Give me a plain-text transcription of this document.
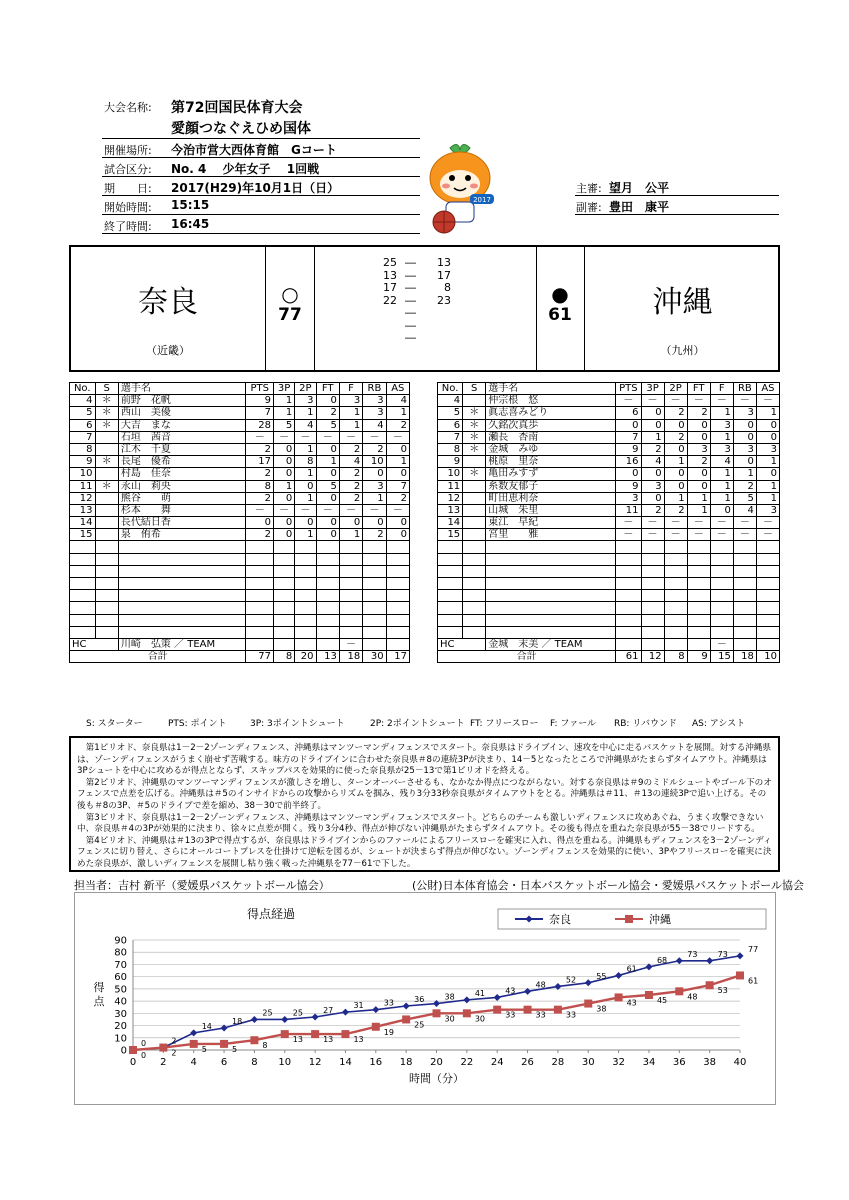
大会名称: 第72回国民体育大会
愛顔つなぐえひめ国体
開催場所: 今治市営大西体育館　Gコート
試合区分: No. 4　 少年女子　 1回戦
期　　日: 2017(H29)年10月1日（日）
開始時間: 15:15
終了時間: 16:45
主審: 望月　公平
副審: 豊田　康平
2017
奈良
（近畿）
○
77
25 ―	13
13 ―	17
17 ―	8
22 ―	23
―
―
―
●
61	沖縄
（九州）
No.	S	選手名	PTS	3P	2P	FT	F	RB	AS
4	＊	前野　花帆	9	1	3	0	3	3	4
5	＊	西山　美優	7	1	1	2	1	3	1
6	＊	大吉　まな	28	5	4	5	1	4	2
7		石垣　茜音	－	－	－	－	－	－	－
8		江木　千夏	2	0	1	0	2	2	0
9	＊	長尾　優希	17	0	8	1	4	10	1
10		村島　佳奈	2	0	1	0	2	0	0
11	＊	永山　莉央	8	1	0	5	2	3	7
12		熊谷　　萌	2	0	1	0	2	1	2
13		杉本　　舞	－	－	－	－	－	－	－
14		長代結日香	0	0	0	0	0	0	0
15		泉　侑希	2	0	1	0	1	2	0

HC		川崎　弘策 ／ TEAM					－		
合計			77	8	20	13	18	30	17
No.	S	選手名	PTS	3P	2P	FT	F	RB	AS
4		仲宗根　悠	－	－	－	－	－	－	－
5	＊	眞志喜みどり	6	0	2	2	1	3	1
6	＊	久銘次真歩	0	0	0	0	3	0	0
7	＊	瀬長　杏南	7	1	2	0	1	0	0
8	＊	金城　みゆ	9	2	0	3	3	3	3
9		桃原　里奈	16	4	1	2	4	0	1
10	＊	亀田みすず	0	0	0	0	1	1	0
11		糸数友郁子	9	3	0	0	1	2	1
12		町田恵利奈	3	0	1	1	1	5	1
13		山城　朱里	11	2	2	1	0	4	3
14		東江　早紀	－	－	－	－	－	－	－
15		宮里　　雅	－	－	－	－	－	－	－

HC		金城　末美 ／ TEAM					－		
合計			61	12	8	9	15	18	10
S: スターター	PTS: ポイント	3P: 3ポイントシュート	2P: 2ポイントシュート FT: フリースロー F: ファール RB: リバウンド AS: アシスト

第1ピリオド、奈良県は1－2－2ゾーンディフェンス、沖縄県はマンツーマンディフェンスでスタート。奈良県はドライブイン、速攻を中心に走るバスケットを展開。対する沖縄県は、ゾーンディフェンスがうまく崩せず苦戦する。味方のドライブインに合わせた奈良県＃8の連続3Pが決まり、14－5となったところで沖縄県がたまらずタイムアウト。沖縄県は3Pシュートを中心に攻めるが得点とならず、スキップパスを効果的に使った奈良県が25－13で第1ピリオドを終える。

第2ピリオド、沖縄県のマンツーマンディフェンスが激しさを増し、ターンオーバーさせるも、なかなか得点につながらない。対する奈良県は＃9のミドルシュートやゴール下のオフェンスで点差を広げる。沖縄県は＃5のインサイドからの攻撃からリズムを掴み、残り3分33秒奈良県がタイムアウトをとる。沖縄県は＃11、＃13の連続3Pで追い上げる。その後も＃8の3P、＃5のドライブで差を縮め、38－30で前半終了。

第3ピリオド、奈良県は1－2－2ゾーンディフェンス、沖縄県はマンツーマンディフェンスでスタート。どちらのチームも激しいディフェンスに攻めあぐね、うまく攻撃できない中、奈良県＃4の3Pが効果的に決まり、徐々に点差が開く。残り3分4秒、得点が伸びない沖縄県がたまらずタイムアウト。その後も得点を重ねた奈良県が55－38でリードする。

第4ピリオド、沖縄県は＃13の3Pで得点するが、奈良県はドライブインからのファールによるフリースローを確実に入れ、得点を重ねる。沖縄県もディフェンスを3－2ゾーンディフェンスに切り替え、さらにオールコートプレスを仕掛けて逆転を図るが、シュートが決まらず得点が伸びない。ゾーンディフェンスを効果的に使い、3Pやフリースローを確実に決めた奈良県が、激しいディフェンスを展開し粘り強く戦った沖縄県を77－61で下した。

担当者：吉村 新平（愛媛県バスケットボール協会）	(公財)日本体育協会・日本バスケットボール協会・愛媛県バスケットボール協会
得点経過
0
10
20
30
40
50
60
70
80
90
0 2 4 6 8 10 12 14 16 18 20 22 24 26 28 30 32 34 36 38 40
時間（分）
得
点
0	2
14
18
25	25	27
31	33	36	38	41	43
48
52	55
61
68
73	73
77
0	2	5	5	8
13	13	13
19
25
30	30	33	33	33
38
43	45	48
53
61
奈良	沖縄
